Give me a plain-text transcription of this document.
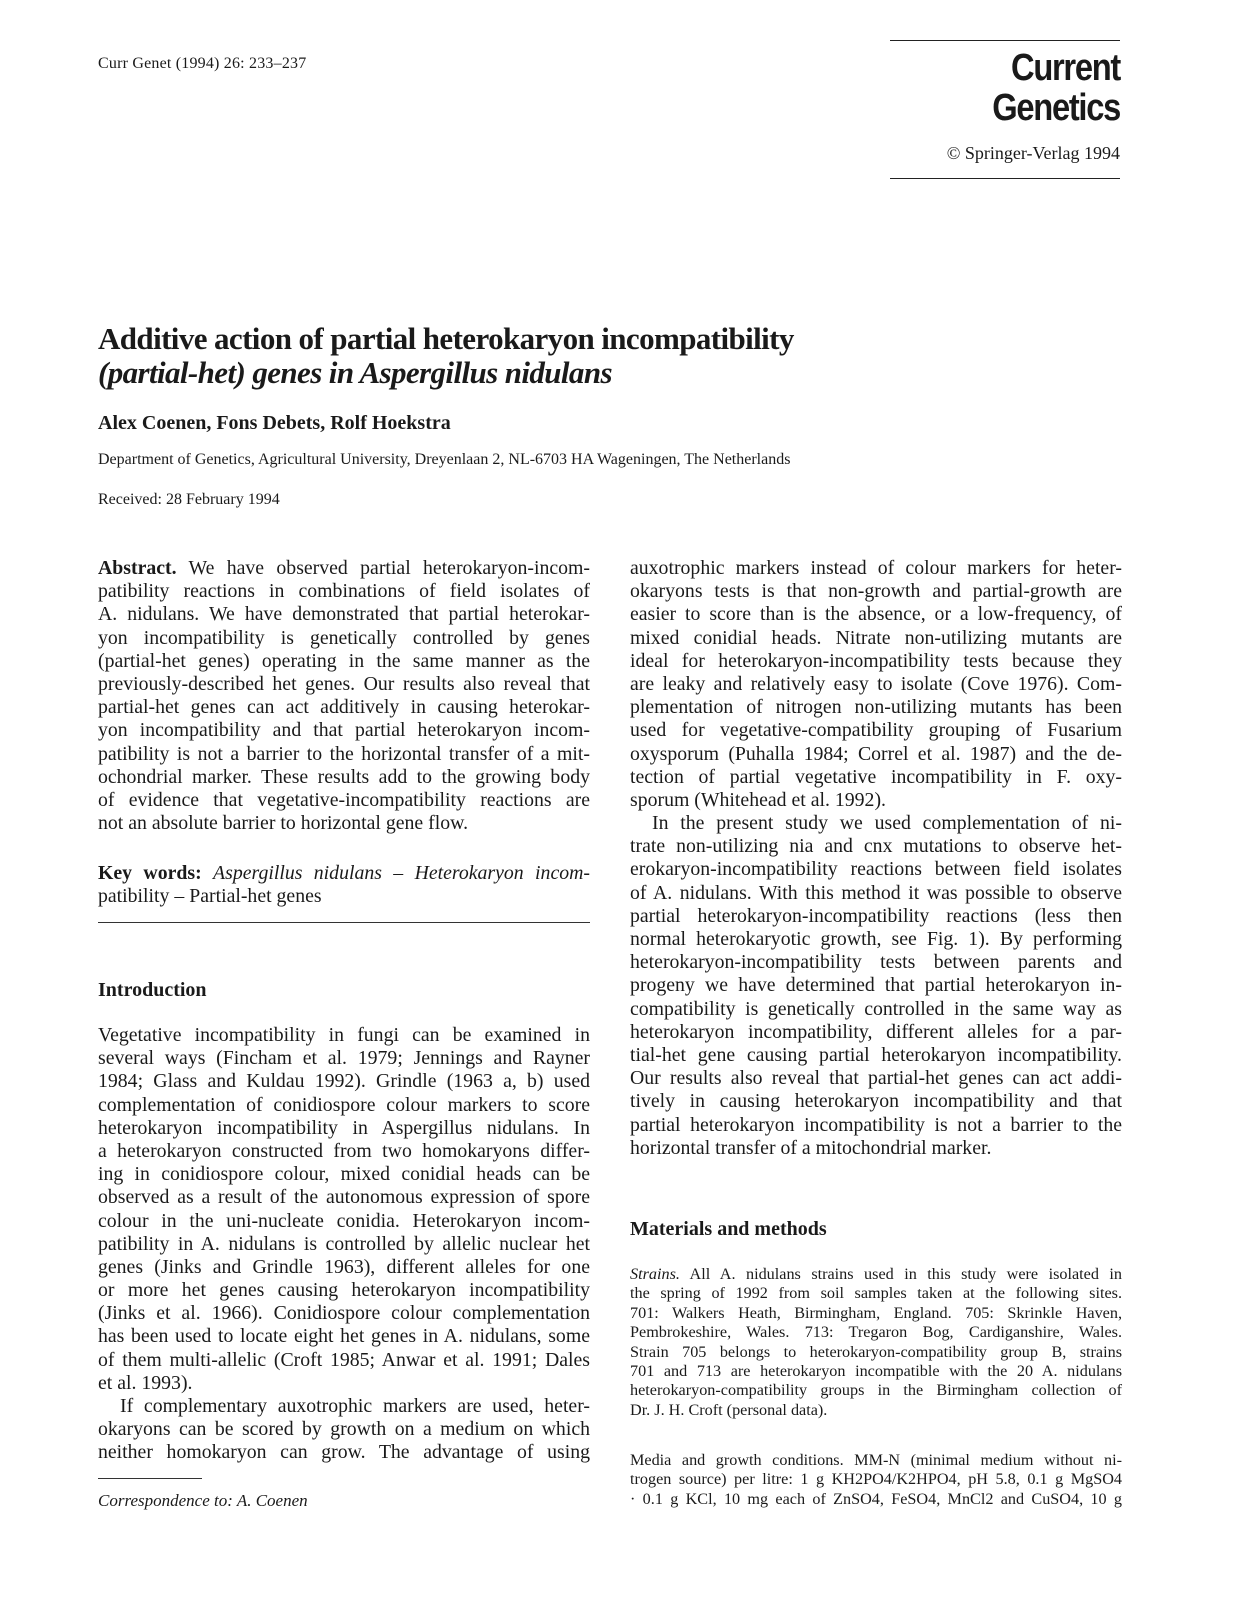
Curr Genet (1994) 26: 233–237	Current Genetics
© Springer-Verlag 1994
Additive action of partial heterokaryon incompatibility
(partial-het) genes in Aspergillus nidulans
Alex Coenen, Fons Debets, Rolf Hoekstra
Department of Genetics, Agricultural University, Dreyenlaan 2, NL-6703 HA Wageningen, The Netherlands
Received: 28 February 1994
Abstract. We have observed partial heterokaryon-incom-
patibility reactions in combinations of field isolates of
A. nidulans. We have demonstrated that partial heterokar-
yon incompatibility is genetically controlled by genes
(partial-het genes) operating in the same manner as the
previously-described het genes. Our results also reveal that
partial-het genes can act additively in causing heterokar-
yon incompatibility and that partial heterokaryon incom-
patibility is not a barrier to the horizontal transfer of a mit-
ochondrial marker. These results add to the growing body
of evidence that vegetative-incompatibility reactions are
not an absolute barrier to horizontal gene flow.
Key words: Aspergillus nidulans – Heterokaryon incom-
patibility – Partial-het genes
Introduction
Vegetative incompatibility in fungi can be examined in
several ways (Fincham et al. 1979; Jennings and Rayner
1984; Glass and Kuldau 1992). Grindle (1963 a, b) used
complementation of conidiospore colour markers to score
heterokaryon incompatibility in Aspergillus nidulans. In
a heterokaryon constructed from two homokaryons differ-
ing in conidiospore colour, mixed conidial heads can be
observed as a result of the autonomous expression of spore
colour in the uni-nucleate conidia. Heterokaryon incom-
patibility in A. nidulans is controlled by allelic nuclear het
genes (Jinks and Grindle 1963), different alleles for one
or more het genes causing heterokaryon incompatibility
(Jinks et al. 1966). Conidiospore colour complementation
has been used to locate eight het genes in A. nidulans, some
of them multi-allelic (Croft 1985; Anwar et al. 1991; Dales
et al. 1993).
If complementary auxotrophic markers are used, heter-
okaryons can be scored by growth on a medium on which
neither homokaryon can grow. The advantage of using
Correspondence to: A. Coenen
auxotrophic markers instead of colour markers for heter-
okaryons tests is that non-growth and partial-growth are
easier to score than is the absence, or a low-frequency, of
mixed conidial heads. Nitrate non-utilizing mutants are
ideal for heterokaryon-incompatibility tests because they
are leaky and relatively easy to isolate (Cove 1976). Com-
plementation of nitrogen non-utilizing mutants has been
used for vegetative-compatibility grouping of Fusarium
oxysporum (Puhalla 1984; Correl et al. 1987) and the de-
tection of partial vegetative incompatibility in F. oxy-
sporum (Whitehead et al. 1992).
In the present study we used complementation of ni-
trate non-utilizing nia and cnx mutations to observe het-
erokaryon-incompatibility reactions between field isolates
of A. nidulans. With this method it was possible to observe
partial heterokaryon-incompatibility reactions (less then
normal heterokaryotic growth, see Fig. 1). By performing
heterokaryon-incompatibility tests between parents and
progeny we have determined that partial heterokaryon in-
compatibility is genetically controlled in the same way as
heterokaryon incompatibility, different alleles for a par-
tial-het gene causing partial heterokaryon incompatibility.
Our results also reveal that partial-het genes can act addi-
tively in causing heterokaryon incompatibility and that
partial heterokaryon incompatibility is not a barrier to the
horizontal transfer of a mitochondrial marker.
Materials and methods
Strains. All A. nidulans strains used in this study were isolated in
the spring of 1992 from soil samples taken at the following sites.
701: Walkers Heath, Birmingham, England. 705: Skrinkle Haven,
Pembrokeshire, Wales. 713: Tregaron Bog, Cardiganshire, Wales.
Strain 705 belongs to heterokaryon-compatibility group B, strains
701 and 713 are heterokaryon incompatible with the 20 A. nidulans
heterokaryon-compatibility groups in the Birmingham collection of
Dr. J. H. Croft (personal data).
Media and growth conditions. MM-N (minimal medium without ni-
trogen source) per litre: 1 g KH2PO4/K2HPO4, pH 5.8, 0.1 g MgSO4
· 0.1 g KCl, 10 mg each of ZnSO4, FeSO4, MnCl2 and CuSO4, 10 g
